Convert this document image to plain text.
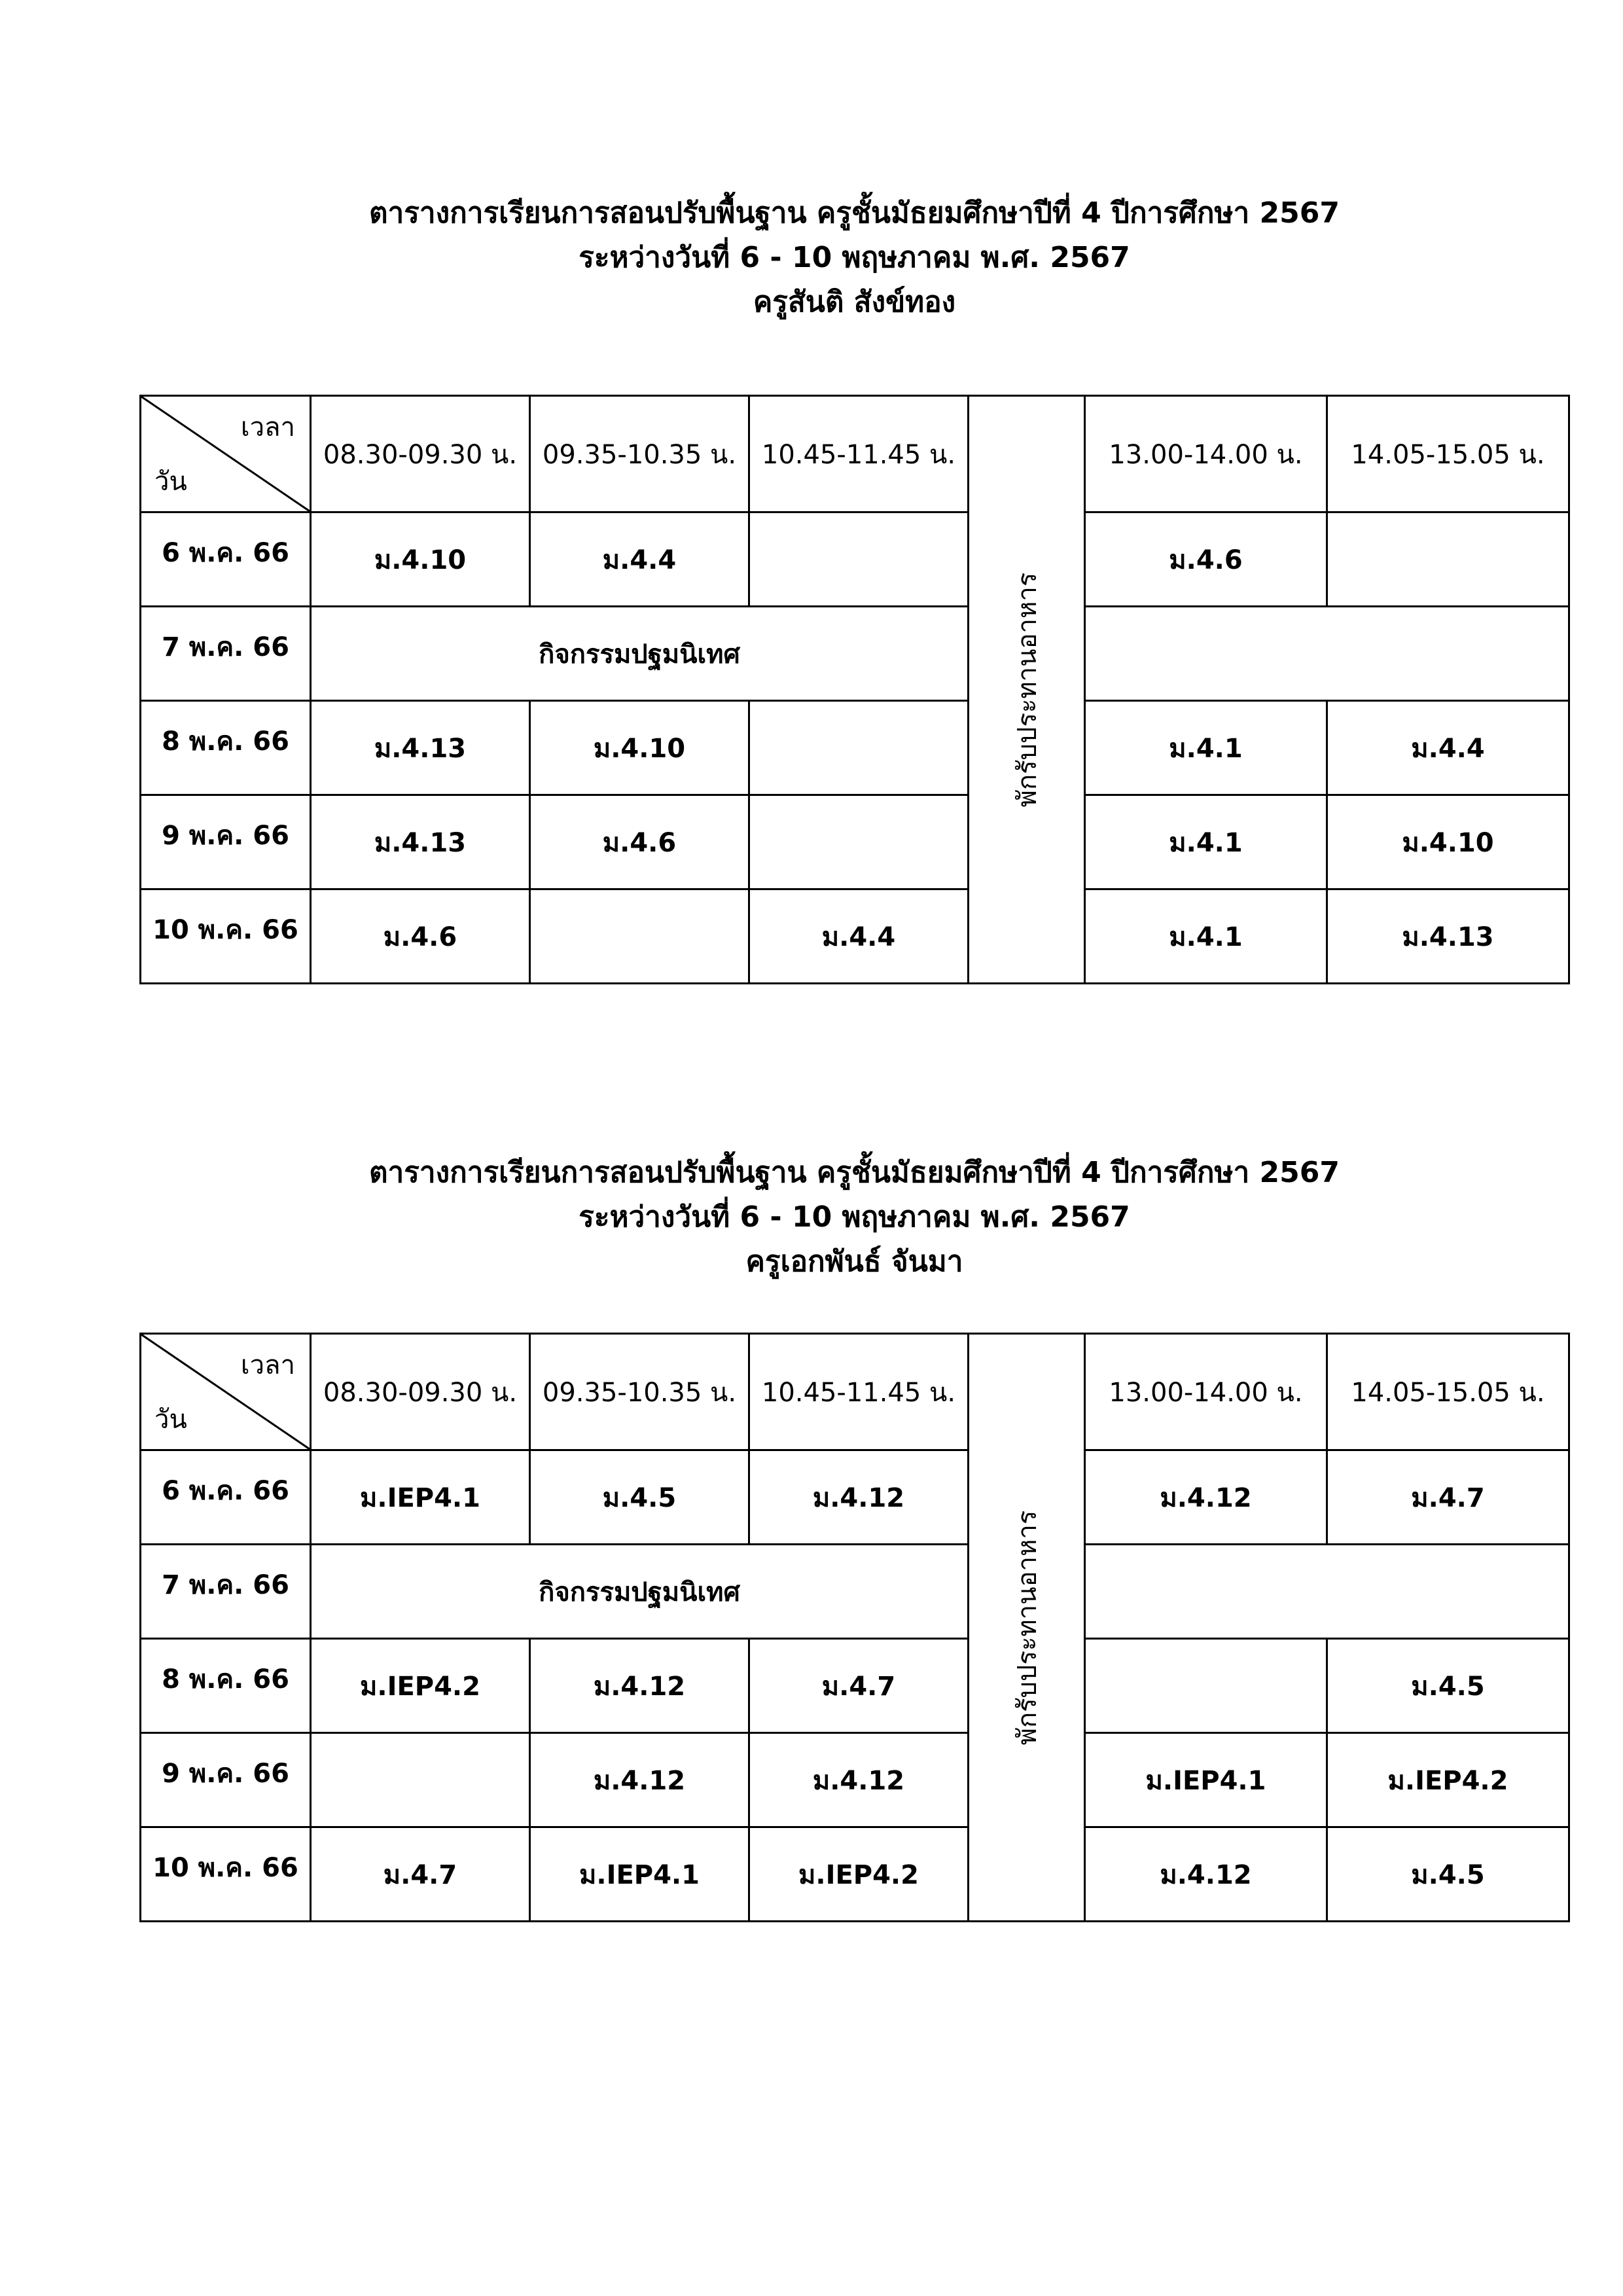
ตารางการเรียนการสอนปรับพื้นฐาน ครูชั้นมัธยมศึกษาปีที่ 4 ปีการศึกษา 2567
ระหว่างวันที่ 6 - 10 พฤษภาคม พ.ศ. 2567
ครูสันติ สังข์ทอง
เวลา
วัน	08.30-09.30 น.	09.35-10.35 น.	10.45-11.45 น.	พักรับประทานอาหาร	13.00-14.00 น.	14.05-15.05 น.
6 พ.ค. 66	ม.4.10	ม.4.4			ม.4.6	
7 พ.ค. 66	กิจกรรมปฐมนิเทศ					
8 พ.ค. 66	ม.4.13	ม.4.10			ม.4.1	ม.4.4
9 พ.ค. 66	ม.4.13	ม.4.6			ม.4.1	ม.4.10
10 พ.ค. 66	ม.4.6		ม.4.4		ม.4.1	ม.4.13
ตารางการเรียนการสอนปรับพื้นฐาน ครูชั้นมัธยมศึกษาปีที่ 4 ปีการศึกษา 2567
ระหว่างวันที่ 6 - 10 พฤษภาคม พ.ศ. 2567
ครูเอกพันธ์ จันมา
เวลา
วัน	08.30-09.30 น.	09.35-10.35 น.	10.45-11.45 น.	พักรับประทานอาหาร	13.00-14.00 น.	14.05-15.05 น.
6 พ.ค. 66	ม.IEP4.1	ม.4.5	ม.4.12		ม.4.12	ม.4.7
7 พ.ค. 66	กิจกรรมปฐมนิเทศ					
8 พ.ค. 66	ม.IEP4.2	ม.4.12	ม.4.7			ม.4.5
9 พ.ค. 66		ม.4.12	ม.4.12		ม.IEP4.1	ม.IEP4.2
10 พ.ค. 66	ม.4.7	ม.IEP4.1	ม.IEP4.2		ม.4.12	ม.4.5
